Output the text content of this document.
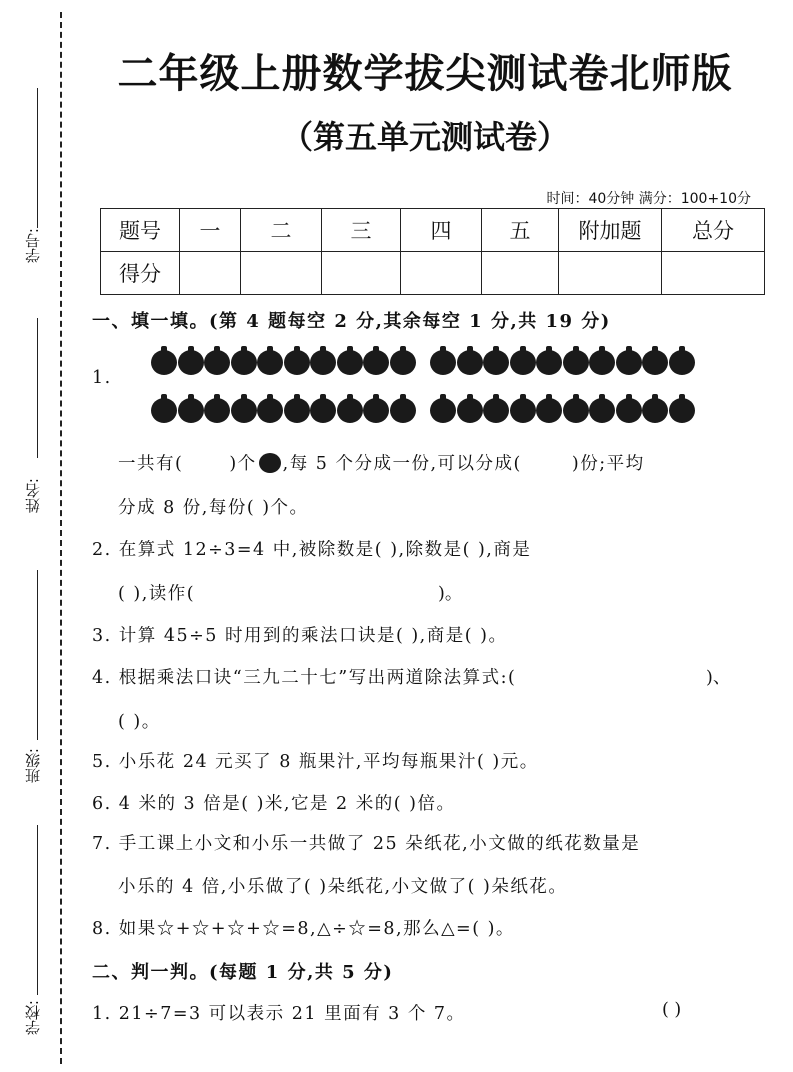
学号:
姓名:
班级:
学校:
二年级上册数学拔尖测试卷北师版
（第五单元测试卷）
时间：40分钟 满分：100+10分
题号	一	二	三	四	五	附加题	总分
得分							
一、填一填。(第 4 题每空 2 分,其余每空 1 分,共 19 分)
1.
一共有(	)个 ,每 5 个分成一份,可以分成(	)份;平均
分成 8 份,每份( )个。
2. 在算式 12÷3=4 中,被除数是( ),除数是( ),商是
( ),读作(	)。
3. 计算 45÷5 时用到的乘法口诀是( ),商是( )。
4. 根据乘法口诀“三九二十七”写出两道除法算式:(	)、
( )。
5. 小乐花 24 元买了 8 瓶果汁,平均每瓶果汁( )元。
6. 4 米的 3 倍是( )米,它是 2 米的( )倍。
7. 手工课上小文和小乐一共做了 25 朵纸花,小文做的纸花数量是
小乐的 4 倍,小乐做了( )朵纸花,小文做了( )朵纸花。
8. 如果☆+☆+☆+☆=8,△÷☆=8,那么△=( )。
二、判一判。(每题 1 分,共 5 分)
1. 21÷7=3 可以表示 21 里面有 3 个 7。	( )
